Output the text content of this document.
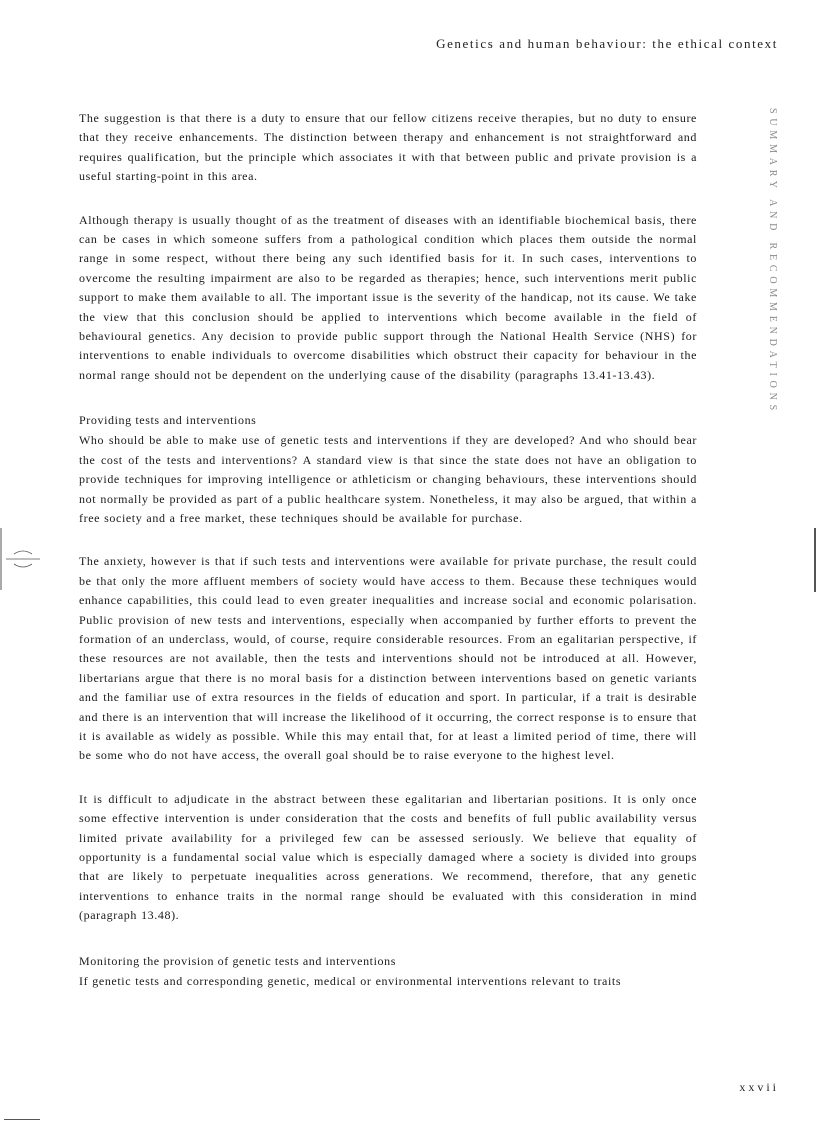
Genetics and human behaviour: the ethical context
SUMMARY AND RECOMMENDATIONS

The suggestion is that there is a duty to ensure that our fellow citizens receive therapies, but no duty to ensure that they receive enhancements. The distinction between therapy and enhancement is not straightforward and requires qualification, but the principle which associates it with that between public and private provision is a useful starting-point in this area.

Although therapy is usually thought of as the treatment of diseases with an identifiable biochemical basis, there can be cases in which someone suffers from a pathological condition which places them outside the normal range in some respect, without there being any such identified basis for it. In such cases, interventions to overcome the resulting impairment are also to be regarded as therapies; hence, such interventions merit public support to make them available to all. The important issue is the severity of the handicap, not its cause. We take the view that this conclusion should be applied to interventions which become available in the field of behavioural genetics. Any decision to provide public support through the National Health Service (NHS) for interventions to enable individuals to overcome disabilities which obstruct their capacity for behaviour in the normal range should not be dependent on the underlying cause of the disability (paragraphs 13.41-13.43).

Providing tests and interventions

Who should be able to make use of genetic tests and interventions if they are developed? And who should bear the cost of the tests and interventions? A standard view is that since the state does not have an obligation to provide techniques for improving intelligence or athleticism or changing behaviours, these interventions should not normally be provided as part of a public healthcare system. Nonetheless, it may also be argued, that within a free society and a free market, these techniques should be available for purchase.

The anxiety, however is that if such tests and interventions were available for private purchase, the result could be that only the more affluent members of society would have access to them. Because these techniques would enhance capabilities, this could lead to even greater inequalities and increase social and economic polarisation. Public provision of new tests and interventions, especially when accompanied by further efforts to prevent the formation of an underclass, would, of course, require considerable resources. From an egalitarian perspective, if these resources are not available, then the tests and interventions should not be introduced at all. However, libertarians argue that there is no moral basis for a distinction between interventions based on genetic variants and the familiar use of extra resources in the fields of education and sport. In particular, if a trait is desirable and there is an intervention that will increase the likelihood of it occurring, the correct response is to ensure that it is available as widely as possible. While this may entail that, for at least a limited period of time, there will be some who do not have access, the overall goal should be to raise everyone to the highest level.

It is difficult to adjudicate in the abstract between these egalitarian and libertarian positions. It is only once some effective intervention is under consideration that the costs and benefits of full public availability versus limited private availability for a privileged few can be assessed seriously. We believe that equality of opportunity is a fundamental social value which is especially damaged where a society is divided into groups that are likely to perpetuate inequalities across generations. We recommend, therefore, that any genetic interventions to enhance traits in the normal range should be evaluated with this consideration in mind (paragraph 13.48).

Monitoring the provision of genetic tests and interventions

If genetic tests and corresponding genetic, medical or environmental interventions relevant to traits

xxvii
